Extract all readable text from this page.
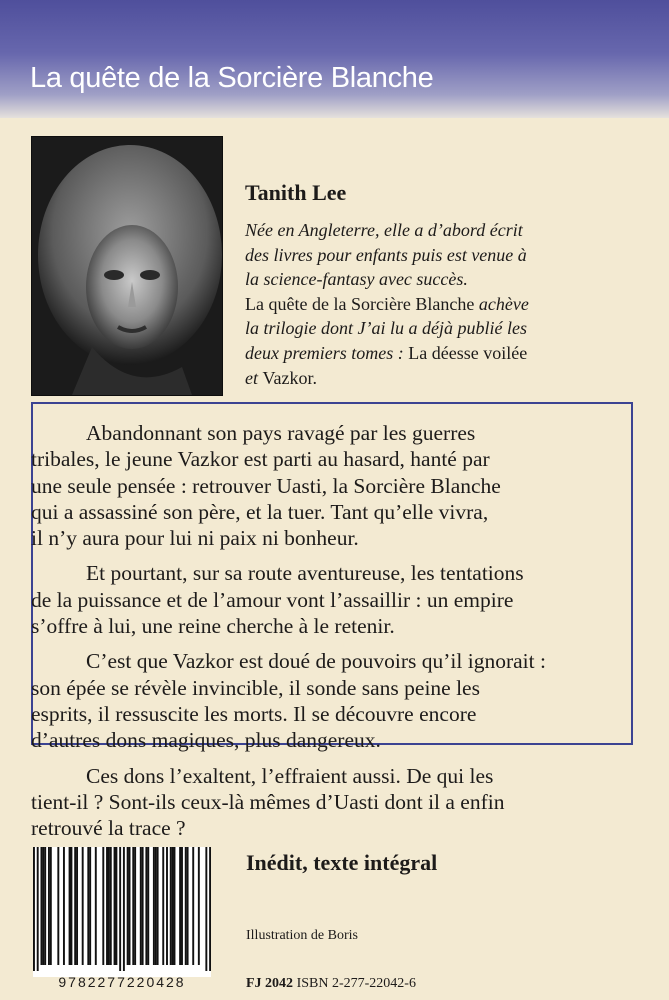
La quête de la Sorcière Blanche
Tanith Lee
Née en Angleterre, elle a d’abord écrit
des livres pour enfants puis est venue à
la science-fantasy avec succès.
La quête de la Sorcière Blanche achève
la trilogie dont J’ai lu a déjà publié les
deux premiers tomes : La déesse voilée
et Vazkor.
Abandonnant son pays ravagé par les guerres
tribales, le jeune Vazkor est parti au hasard, hanté par
une seule pensée : retrouver Uasti, la Sorcière Blanche
qui a assassiné son père, et la tuer. Tant qu’elle vivra,
il n’y aura pour lui ni paix ni bonheur.
Et pourtant, sur sa route aventureuse, les tentations
de la puissance et de l’amour vont l’assaillir : un empire
s’offre à lui, une reine cherche à le retenir.
C’est que Vazkor est doué de pouvoirs qu’il ignorait :
son épée se révèle invincible, il sonde sans peine les
esprits, il ressuscite les morts. Il se découvre encore
d’autres dons magiques, plus dangereux.
Ces dons l’exaltent, l’effraient aussi. De qui les
tient-il ? Sont-ils ceux-là mêmes d’Uasti dont il a enfin
retrouvé la trace ?
9782277220428

Inédit, texte intégral

Illustration de Boris
FJ 2042 ISBN 2-277-22042-6
